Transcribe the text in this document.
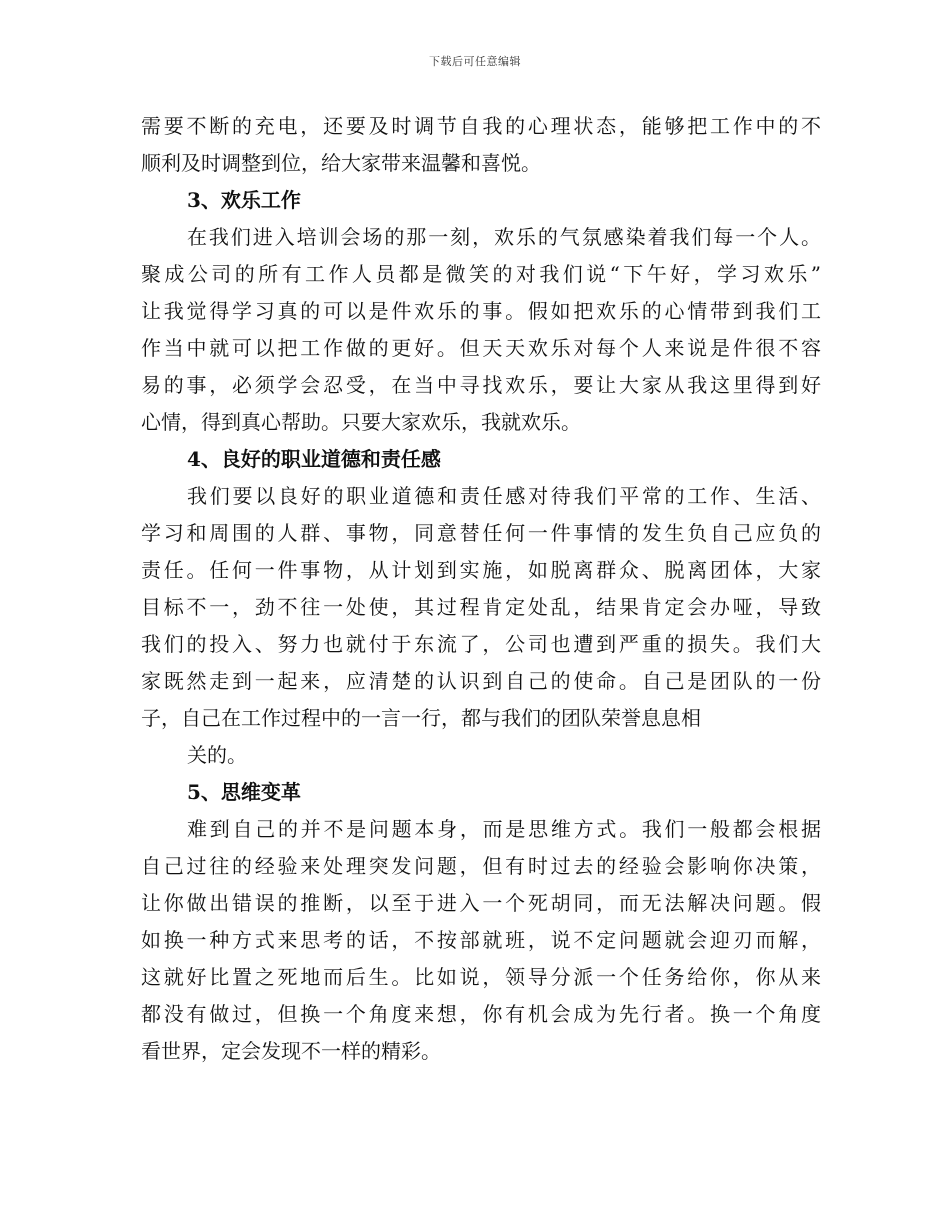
下载后可任意编辑
需要不断的充电，还要及时调节自我的心理状态，能够把工作中的不
顺利及时调整到位，给大家带来温馨和喜悦。
3、欢乐工作
在我们进入培训会场的那一刻，欢乐的气氛感染着我们每一个人。
聚成公司的所有工作人员都是微笑的对我们说“下午好，学习欢乐”
让我觉得学习真的可以是件欢乐的事。假如把欢乐的心情带到我们工
作当中就可以把工作做的更好。但天天欢乐对每个人来说是件很不容
易的事，必须学会忍受，在当中寻找欢乐，要让大家从我这里得到好
心情，得到真心帮助。只要大家欢乐，我就欢乐。
4、良好的职业道德和责任感
我们要以良好的职业道德和责任感对待我们平常的工作、生活、
学习和周围的人群、事物，同意替任何一件事情的发生负自己应负的
责任。任何一件事物，从计划到实施，如脱离群众、脱离团体，大家
目标不一，劲不往一处使，其过程肯定处乱，结果肯定会办哑，导致
我们的投入、努力也就付于东流了，公司也遭到严重的损失。我们大
家既然走到一起来，应清楚的认识到自己的使命。自己是团队的一份
子，自己在工作过程中的一言一行，都与我们的团队荣誉息息相
关的。
5、思维变革
难到自己的并不是问题本身，而是思维方式。我们一般都会根据
自己过往的经验来处理突发问题，但有时过去的经验会影响你决策，
让你做出错误的推断，以至于进入一个死胡同，而无法解决问题。假
如换一种方式来思考的话，不按部就班，说不定问题就会迎刃而解，
这就好比置之死地而后生。比如说，领导分派一个任务给你，你从来
都没有做过，但换一个角度来想，你有机会成为先行者。换一个角度
看世界，定会发现不一样的精彩。
